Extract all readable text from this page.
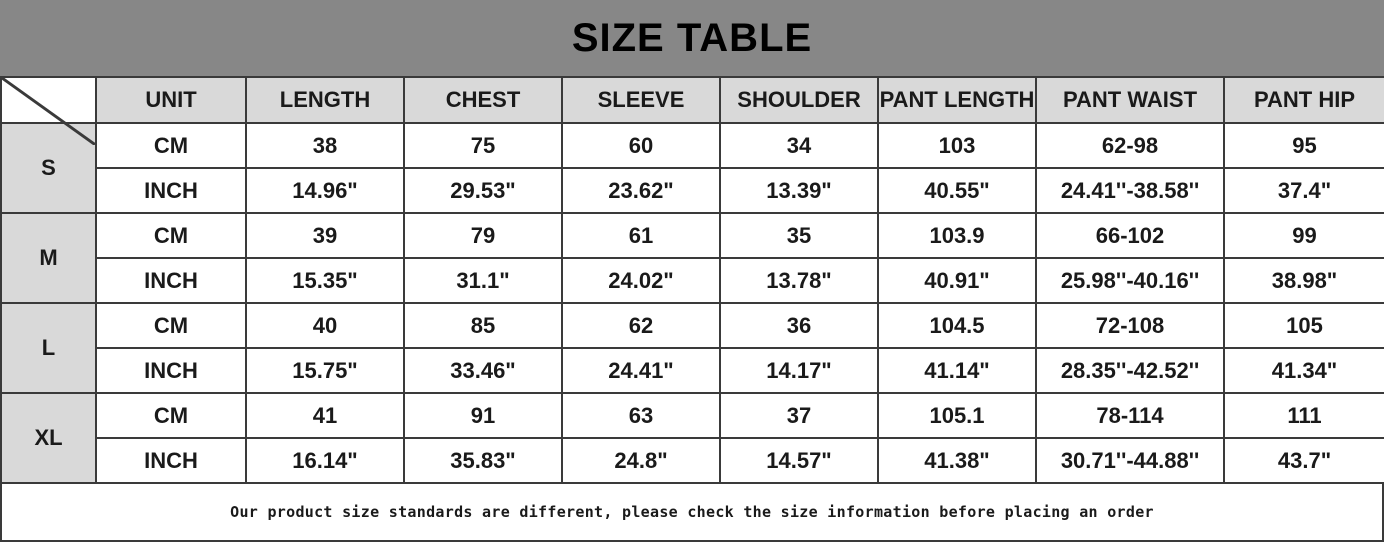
SIZE TABLE
	UNIT	LENGTH	CHEST	SLEEVE	SHOULDER	PANT LENGTH	PANT WAIST	PANT HIP
S	CM	38	75	60	34	103	62-98	95
	INCH	14.96"	29.53"	23.62"	13.39"	40.55"	24.41''-38.58''	37.4"
M	CM	39	79	61	35	103.9	66-102	99
	INCH	15.35"	31.1"	24.02"	13.78"	40.91"	25.98''-40.16''	38.98"
L	CM	40	85	62	36	104.5	72-108	105
	INCH	15.75"	33.46"	24.41"	14.17"	41.14"	28.35''-42.52''	41.34"
XL	CM	41	91	63	37	105.1	78-114	111
	INCH	16.14"	35.83"	24.8"	14.57"	41.38"	30.71''-44.88''	43.7"
Our product size standards are different, please check the size information before placing an order
